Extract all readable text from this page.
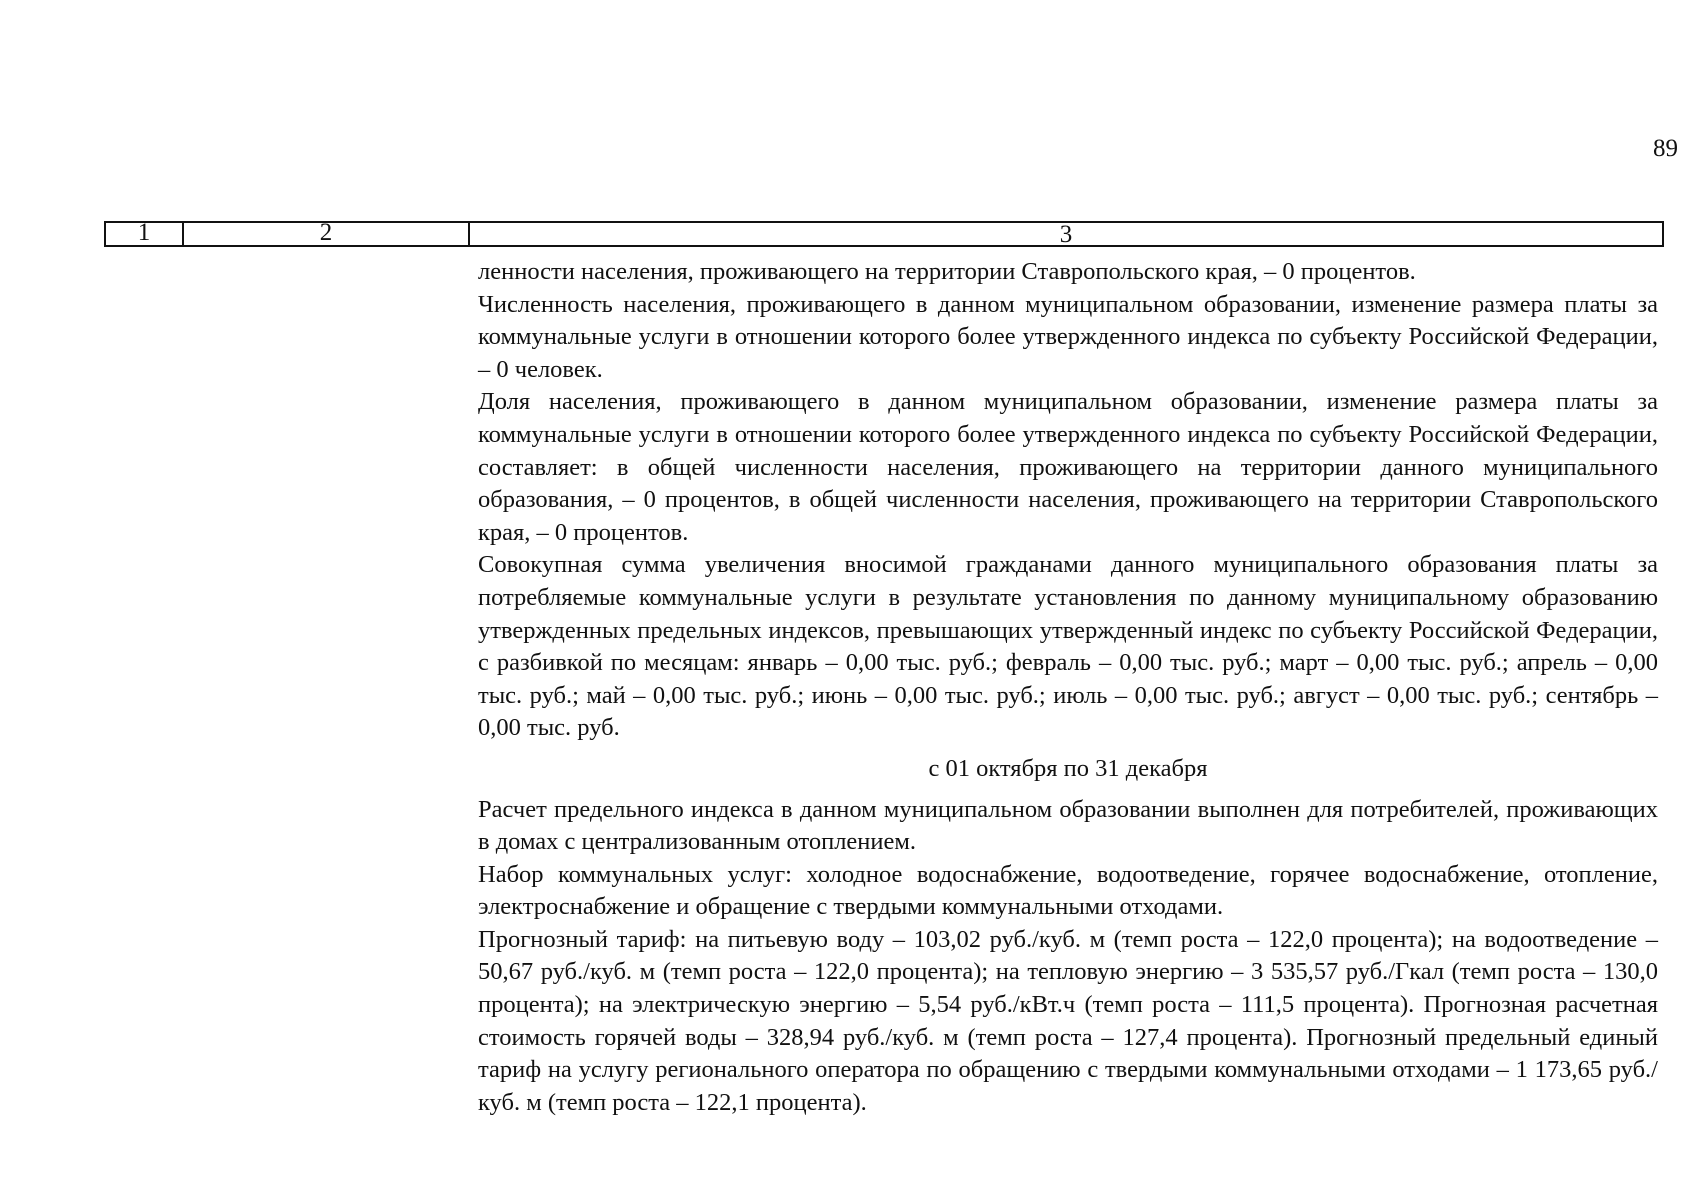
89
1	2	3

ленности населения, проживающего на территории Ставропольского края, – 0 процентов.

Численность населения, проживающего в данном муниципальном образовании, изменение размера платы за коммунальные услуги в отношении которого более утвержденного индекса по субъекту Российской Федерации, – 0 человек.

Доля населения, проживающего в данном муниципальном образовании, изменение размера платы за коммунальные услуги в отношении которого более утвержденного индекса по субъекту Российской Федерации, составляет: в общей численности населения, проживающего на территории данного муниципального образования, – 0 процентов, в общей численности населения, проживающего на территории Ставропольского края, – 0 процентов.

Совокупная сумма увеличения вносимой гражданами данного муниципального образования платы за потребляемые коммунальные услуги в результате установления по данному муниципальному образованию утвержденных предельных индексов, превышающих утвержденный индекс по субъекту Российской Федерации, с разбивкой по месяцам: январь – 0,00 тыс. руб.; февраль – 0,00 тыс. руб.; март – 0,00 тыс. руб.; апрель – 0,00 тыс. руб.; май – 0,00 тыс. руб.; июнь – 0,00 тыс. руб.; июль – 0,00 тыс. руб.; август – 0,00 тыс. руб.; сентябрь – 0,00 тыс. руб.

с 01 октября по 31 декабря

Расчет предельного индекса в данном муниципальном образовании выполнен для потребителей, проживающих в домах с централизованным отоплением.

Набор коммунальных услуг: холодное водоснабжение, водоотведение, горячее водоснабжение, отопление, электроснабжение и обращение с твердыми коммунальными отходами.

Прогнозный тариф: на питьевую воду – 103,02 руб./куб. м (темп роста – 122,0 процента); на водоотведение – 50,67 руб./куб. м (темп роста – 122,0 процента); на тепловую энергию – 3 535,57 руб./Гкал (темп роста – 130,0 процента); на электрическую энергию – 5,54 руб./кВт.ч (темп роста – 111,5 процента). Прогнозная расчетная стоимость горячей воды – 328,94 руб./куб. м (темп роста – 127,4 процента). Прогнозный предельный единый тариф на услугу регионального оператора по обращению с твердыми коммунальными отходами – 1 173,65 руб./куб. м (темп роста – 122,1 процента).
